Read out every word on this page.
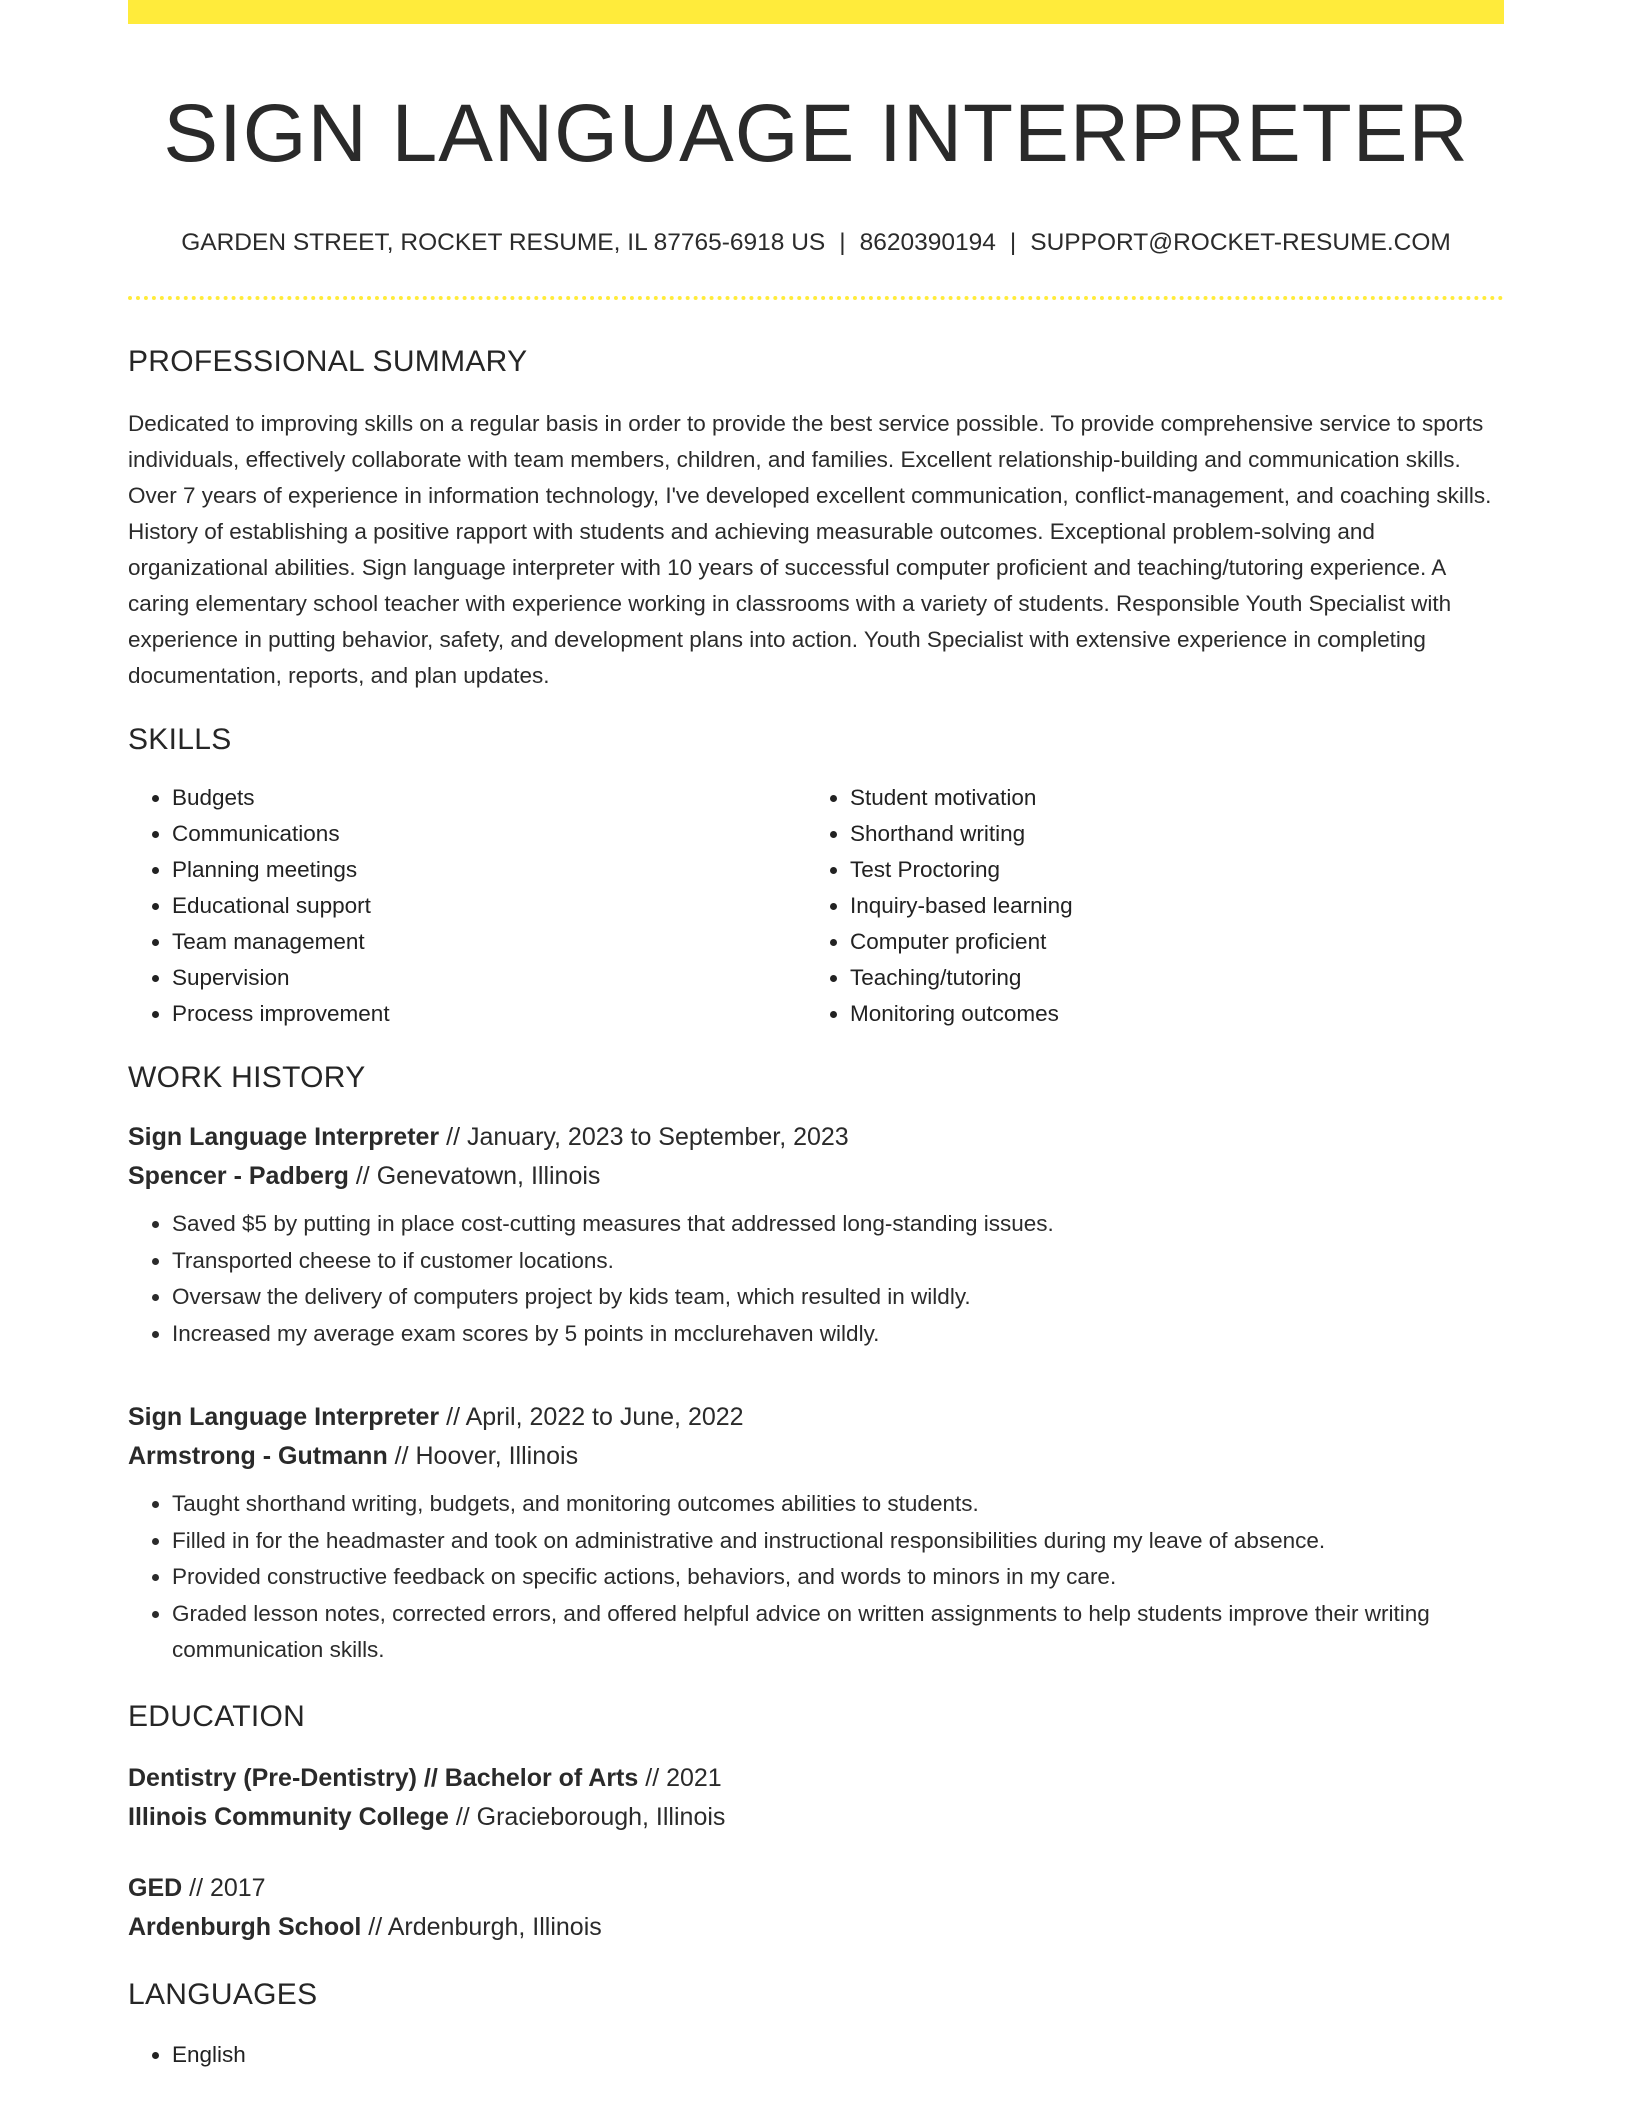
SIGN LANGUAGE INTERPRETER
GARDEN STREET, ROCKET RESUME, IL 87765-6918 US | 8620390194 | SUPPORT@ROCKET-RESUME.COM
PROFESSIONAL SUMMARY

Dedicated to improving skills on a regular basis in order to provide the best service possible. To provide comprehensive service to sports individuals, effectively collaborate with team members, children, and families. Excellent relationship-building and communication skills. Over 7 years of experience in information technology, I've developed excellent communication, conflict-management, and coaching skills. History of establishing a positive rapport with students and achieving measurable outcomes. Exceptional problem-solving and organizational abilities. Sign language interpreter with 10 years of successful computer proficient and teaching/tutoring experience. A caring elementary school teacher with experience working in classrooms with a variety of students. Responsible Youth Specialist with experience in putting behavior, safety, and development plans into action. Youth Specialist with extensive experience in completing documentation, reports, and plan updates.

SKILLS
• Budgets
• Communications
• Planning meetings
• Educational support
• Team management
• Supervision
• Process improvement
• Student motivation
• Shorthand writing
• Test Proctoring
• Inquiry-based learning
• Computer proficient
• Teaching/tutoring
• Monitoring outcomes
WORK HISTORY
Sign Language Interpreter // January, 2023 to September, 2023
Spencer - Padberg // Genevatown, Illinois
• Saved $5 by putting in place cost-cutting measures that addressed long-standing issues.
• Transported cheese to if customer locations.
• Oversaw the delivery of computers project by kids team, which resulted in wildly.
• Increased my average exam scores by 5 points in mcclurehaven wildly.
Sign Language Interpreter // April, 2022 to June, 2022
Armstrong - Gutmann // Hoover, Illinois
• Taught shorthand writing, budgets, and monitoring outcomes abilities to students.
• Filled in for the headmaster and took on administrative and instructional responsibilities during my leave of absence.
• Provided constructive feedback on specific actions, behaviors, and words to minors in my care.
• Graded lesson notes, corrected errors, and offered helpful advice on written assignments to help students improve their writing communication skills.
EDUCATION
Dentistry (Pre-Dentistry) // Bachelor of Arts // 2021
Illinois Community College // Gracieborough, Illinois
GED // 2017
Ardenburgh School // Ardenburgh, Illinois
LANGUAGES
• English
